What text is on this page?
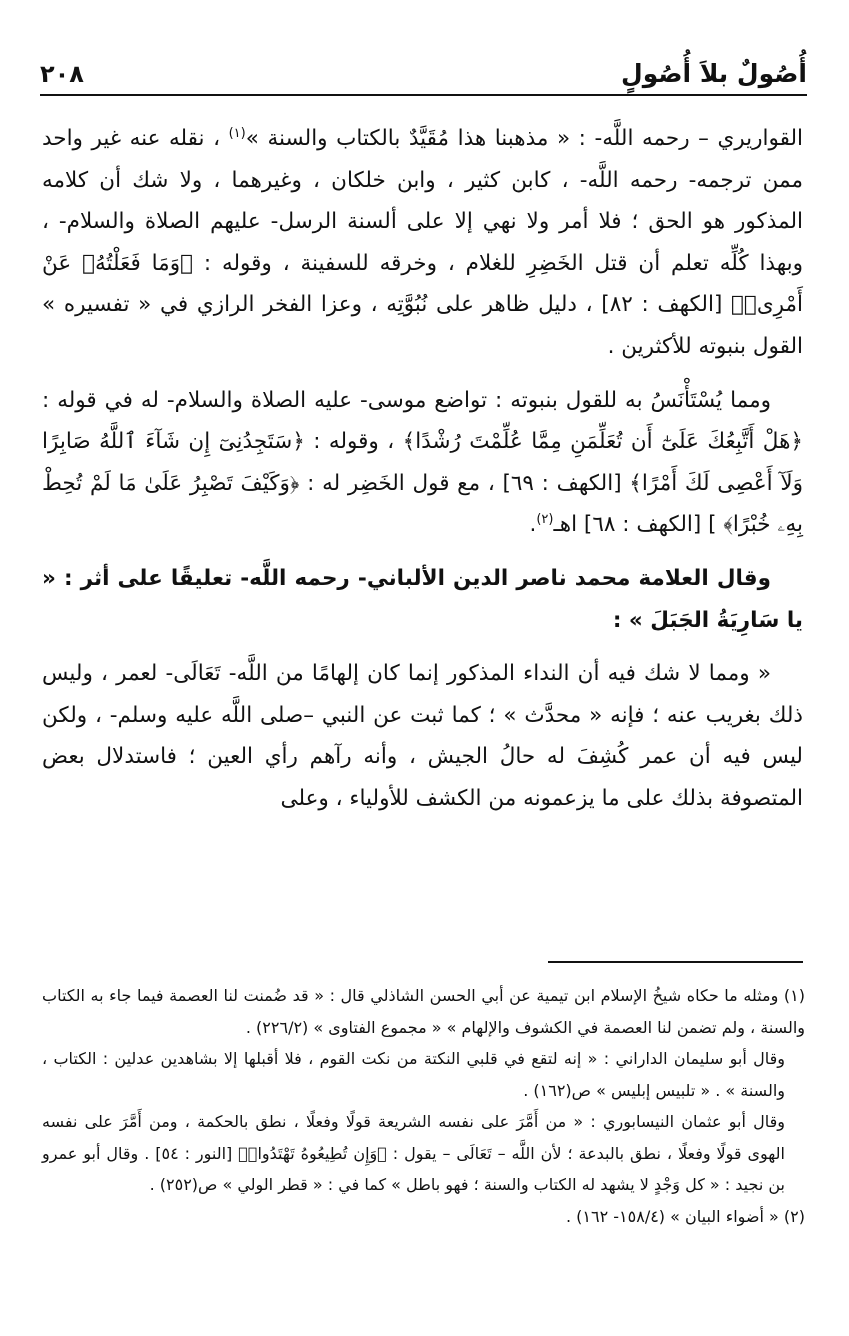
أُصُولٌ بلاَ أُصُولٍ
٢٠٨

القواريري – رحمه اللَّه- : « مذهبنا هذا مُقَيَّدٌ بالكتاب والسنة »$^{(١)}$ ، نقله عنه غير واحد ممن ترجمه- رحمه اللَّه- ، كابن كثير ، وابن خلكان ، وغيرهما ، ولا شك أن كلامه المذكور هو الحق ؛ فلا أمر ولا نهي إلا على ألسنة الرسل- عليهم الصلاة والسلام- ، وبهذا كُلِّه تعلم أن قتل الخَضِرِ للغلام ، وخرقه للسفينة ، وقوله : ﴿وَمَا فَعَلْتُهُۥ عَنْ أَمْرِىۚ﴾ [الكهف : ٨٢] ، دليل ظاهر على نُبُوَّتِه ، وعزا الفخر الرازي في « تفسيره » القول بنبوته للأكثرين .

ومما يُسْتَأْنَسُ به للقول بنبوته : تواضع موسى- عليه الصلاة والسلام- له في قوله : ﴿هَلْ أَتَّبِعُكَ عَلَىٰٓ أَن تُعَلِّمَنِ مِمَّا عُلِّمْتَ رُشْدًا﴾ ، وقوله : ﴿سَتَجِدُنِىٓ إِن شَآءَ ٱللَّهُ صَابِرًا وَلَآ أَعْصِى لَكَ أَمْرًا﴾ [الكهف : ٦٩] ، مع قول الخَضِر له : ﴿وَكَيْفَ تَصْبِرُ عَلَىٰ مَا لَمْ تُحِطْ بِهِۦ خُبْرًا﴾ ] [الكهف : ٦٨] اهـ$^{(٢)}$.

وقال العلامة محمد ناصر الدين الألباني- رحمه اللَّه- تعليقًا على أثر : « يا سَارِيَةُ الجَبَلَ » :

« ومما لا شك فيه أن النداء المذكور إنما كان إلهامًا من اللَّه- تَعَالَى- لعمر ، وليس ذلك بغريب عنه ؛ فإنه « محدَّث » ؛ كما ثبت عن النبي –صلى اللَّه عليه وسلم- ، ولكن ليس فيه أن عمر كُشِفَ له حالُ الجيش ، وأنه رآهم رأي العين ؛ فاستدلال بعض المتصوفة بذلك على ما يزعمونه من الكشف للأولياء ، وعلى

(١) ومثله ما حكاه شيخُ الإسلام ابن تيمية عن أبي الحسن الشاذلي قال : « قد ضُمنت لنا العصمة فيما جاء به الكتاب والسنة ، ولم تضمن لنا العصمة في الكشوف والإلهام » « مجموع الفتاوى » (٢٢٦/٢) .

وقال أبو سليمان الداراني : « إنه لتقع في قلبي النكتة من نكت القوم ، فلا أقبلها إلا بشاهدين عدلين : الكتاب ، والسنة » . « تلبيس إبليس » ص(١٦٢) .

وقال أبو عثمان النيسابوري : « من أَمَّرَ على نفسه الشريعة قولًا وفعلًا ، نطق بالحكمة ، ومن أَمَّرَ على نفسه الهوى قولًا وفعلًا ، نطق بالبدعة ؛ لأن اللَّه – تَعَالَى – يقول : ﴿وَإِن تُطِيعُوهُ تَهْتَدُوا۟﴾ [النور : ٥٤] . وقال أبو عمرو بن نجيد : « كل وَجْدٍ لا يشهد له الكتاب والسنة ؛ فهو باطل » كما في : « قطر الولي » ص(٢٥٢) .

(٢) « أضواء البيان » (١٥٨/٤- ١٦٢) .
